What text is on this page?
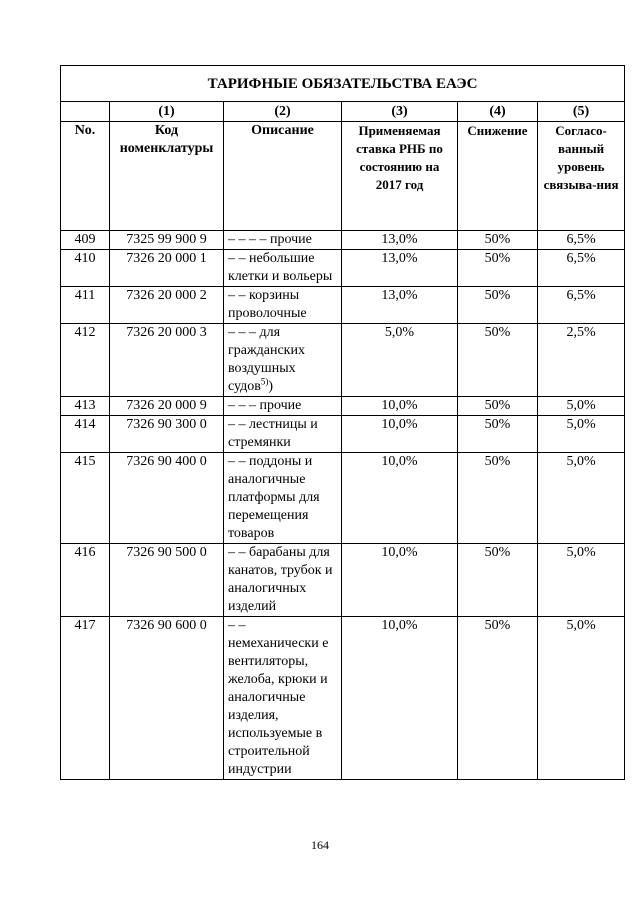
ТАРИФНЫЕ ОБЯЗАТЕЛЬСТВА ЕАЭС					
	(1)	(2)	(3)	(4)	(5)
No.	Код номенклатуры	Описание	Применяемая ставка РНБ по состоянию на 2017 год	Снижение	Согласо-ванный уровень связыва-ния
409	7325 99 900 9	– – – – прочие	13,0%	50%	6,5%
410	7326 20 000 1	– – небольшие клетки и вольеры	13,0%	50%	6,5%
411	7326 20 000 2	– – корзины проволочные	13,0%	50%	6,5%
412	7326 20 000 3	– – – для гражданских воздушных судов$^{5)}$)	5,0%	50%	2,5%
413	7326 20 000 9	– – – прочие	10,0%	50%	5,0%
414	7326 90 300 0	– – лестницы и стремянки	10,0%	50%	5,0%
415	7326 90 400 0	– – поддоны и аналогичные платформы для перемещения товаров	10,0%	50%	5,0%
416	7326 90 500 0	– – барабаны для канатов, трубок и аналогичных изделий	10,0%	50%	5,0%
417	7326 90 600 0	– – немеханически е вентиляторы, желоба, крюки и аналогичные изделия, используемые в строительной индустрии	10,0%	50%	5,0%
164
